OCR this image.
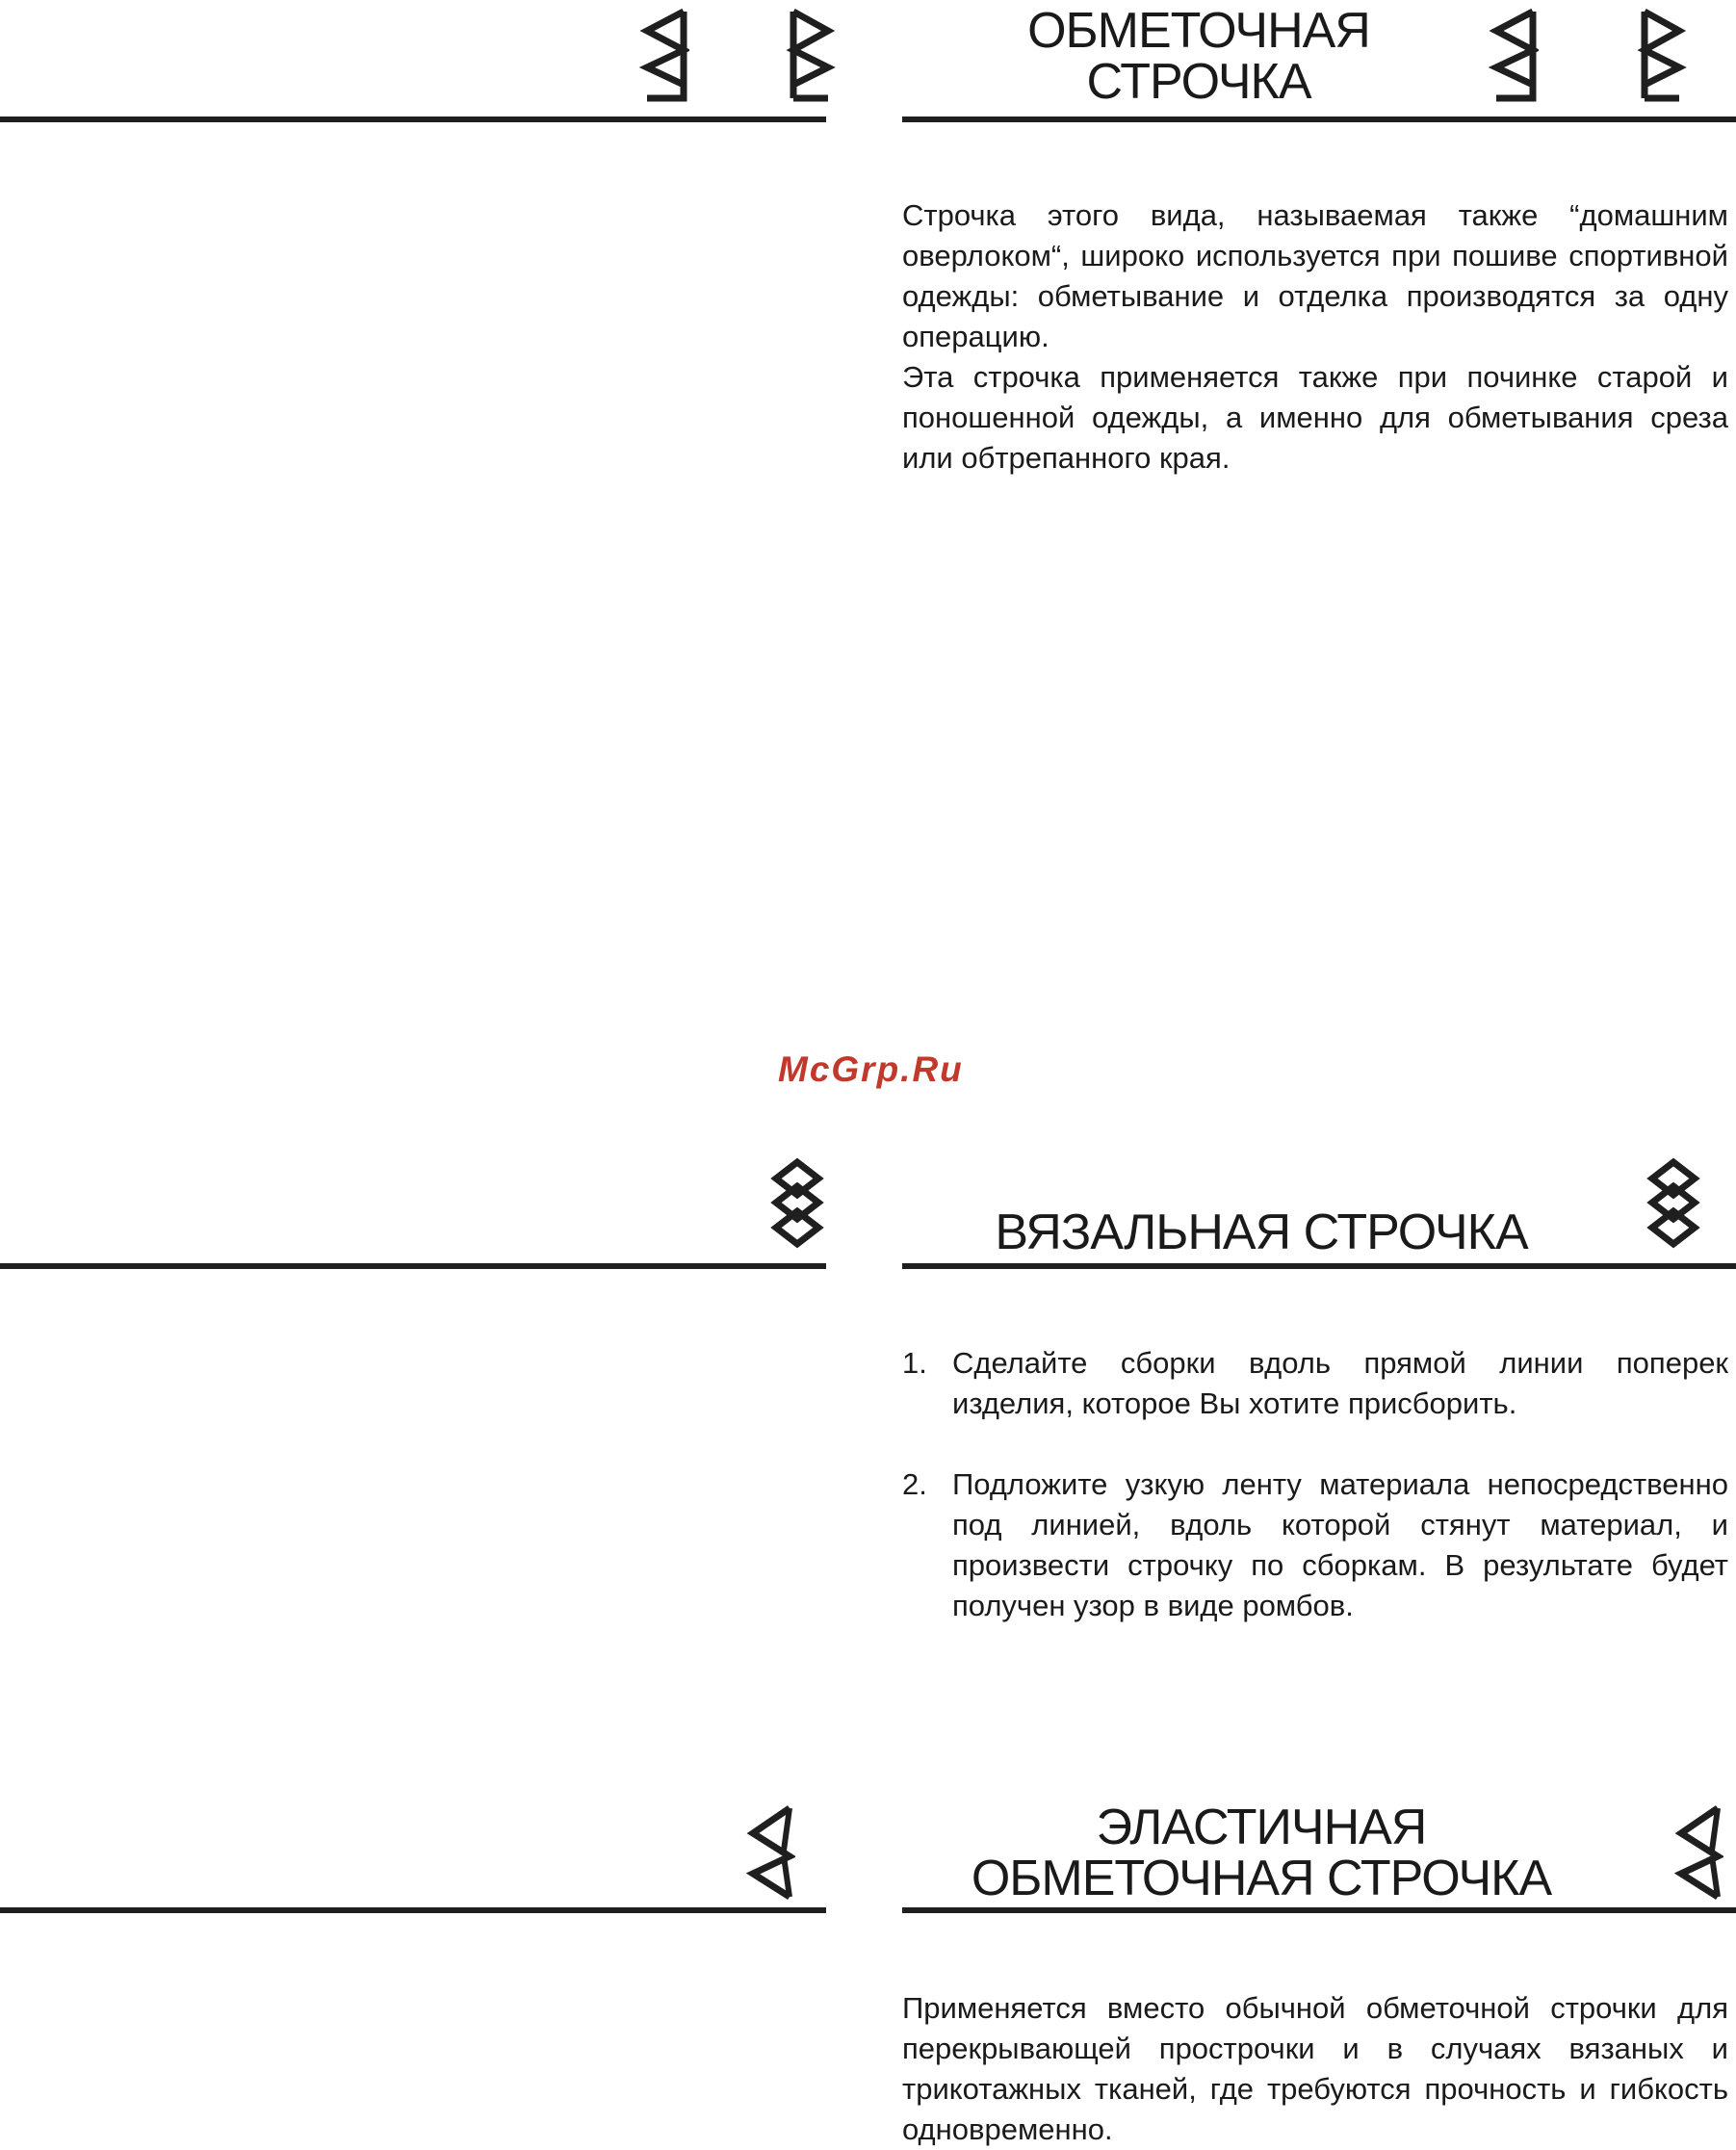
ОБМЕТОЧНАЯ
СТРОЧКА

Строчка этого вида, называемая также “домашним оверлоком“, широко используется при пошиве спортивной одежды: обметывание и отделка производятся за одну операцию.

Эта строчка применяется также при починке старой и поношенной одежды, а именно для обметывания среза или обтрепанного края.

McGrp.Ru
ВЯЗАЛЬНАЯ СТРОЧКА
1. Сделайте сборки вдоль прямой линии поперек изделия, которое Вы хотите присборить.
2. Подложите узкую ленту материала непосредственно под линией, вдоль которой стянут материал, и произвести строчку по сборкам. В результате будет получен узор в виде ромбов.
ЭЛАСТИЧНАЯ
ОБМЕТОЧНАЯ СТРОЧКА

Применяется вместо обычной обметочной строчки для перекрывающей прострочки и в случаях вязаных и трикотажных тканей, где требуются прочность и гибкость одновременно.
